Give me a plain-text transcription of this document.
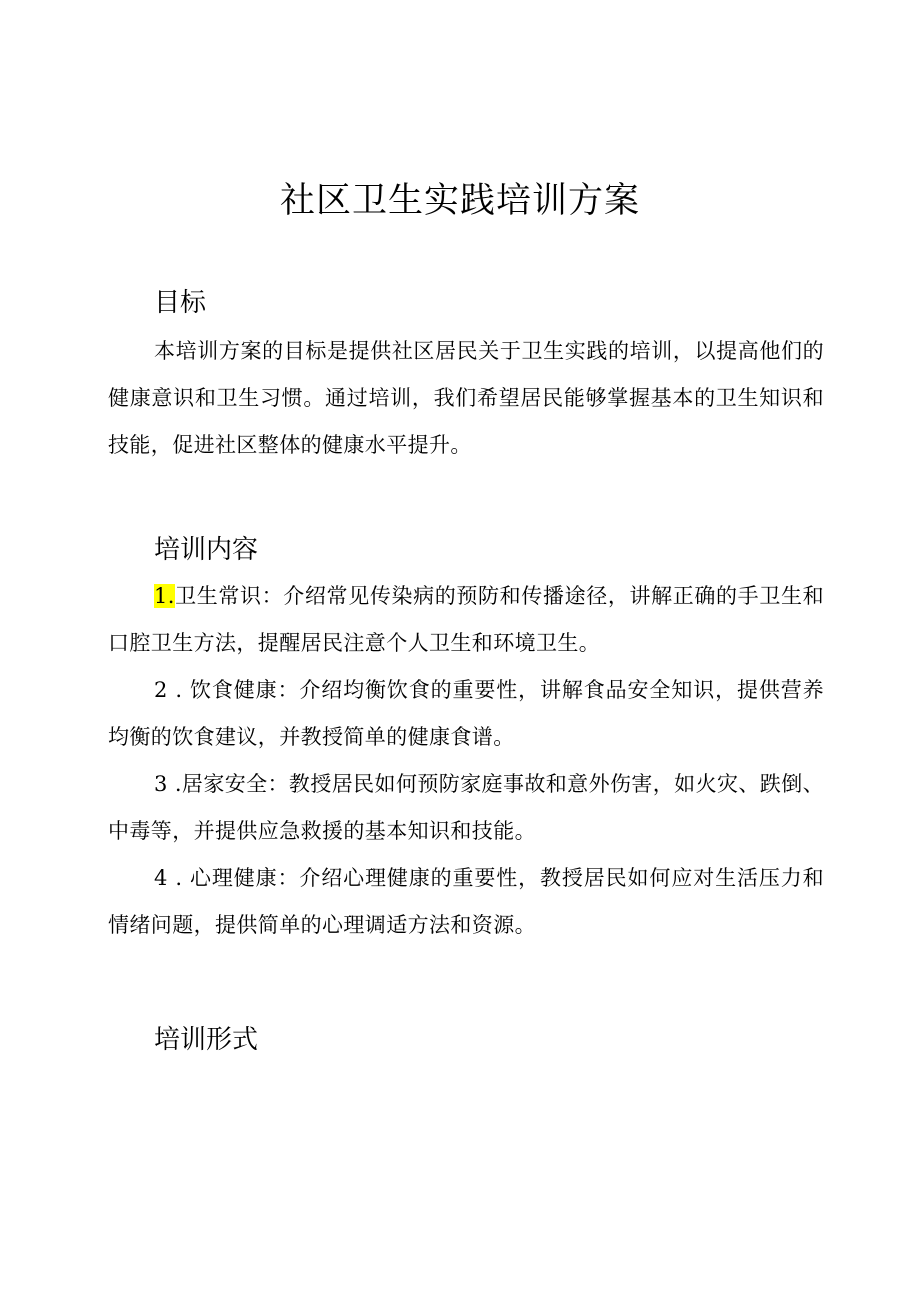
社区卫生实践培训方案
目标

本培训方案的目标是提供社区居民关于卫生实践的培训，以提高他们的健康意识和卫生习惯。通过培训，我们希望居民能够掌握基本的卫生知识和技能，促进社区整体的健康水平提升。

培训内容

1.卫生常识：介绍常见传染病的预防和传播途径，讲解正确的手卫生和口腔卫生方法，提醒居民注意个人卫生和环境卫生。

2 . 饮食健康：介绍均衡饮食的重要性，讲解食品安全知识，提供营养均衡的饮食建议，并教授简单的健康食谱。

3 .居家安全：教授居民如何预防家庭事故和意外伤害，如火灾、跌倒、中毒等，并提供应急救援的基本知识和技能。

4 . 心理健康：介绍心理健康的重要性，教授居民如何应对生活压力和情绪问题，提供简单的心理调适方法和资源。

培训形式
